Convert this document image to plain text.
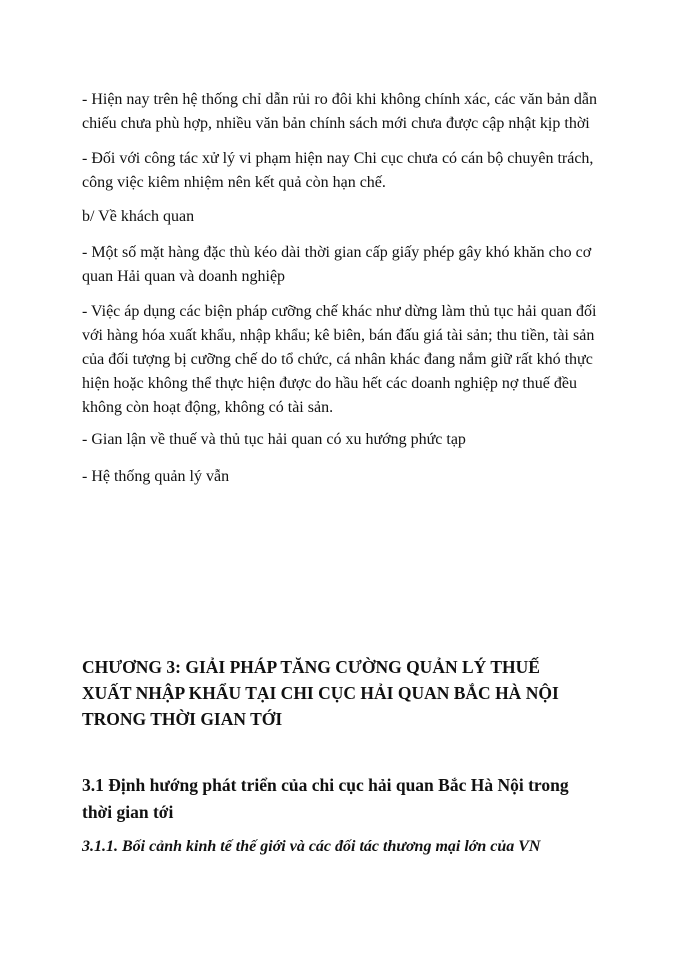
- Hiện nay trên hệ thống chỉ dẫn rủi ro đôi khi không chính xác, các văn bản dẫn
chiếu chưa phù hợp, nhiều văn bản chính sách mới chưa được cập nhật kịp thời

- Đối với công tác xử lý vi phạm hiện nay Chi cục chưa có cán bộ chuyên trách,
công việc kiêm nhiệm nên kết quả còn hạn chế.

b/ Về khách quan

- Một số mặt hàng đặc thù kéo dài thời gian cấp giấy phép gây khó khăn cho cơ
quan Hải quan và doanh nghiệp

- Việc áp dụng các biện pháp cưỡng chế khác như dừng làm thủ tục hải quan đối
với hàng hóa xuất khẩu, nhập khẩu; kê biên, bán đấu giá tài sản; thu tiền, tài sản
của đối tượng bị cưỡng chế do tổ chức, cá nhân khác đang nắm giữ rất khó thực
hiện hoặc không thể thực hiện được do hầu hết các doanh nghiệp nợ thuế đều
không còn hoạt động, không có tài sản.

- Gian lận về thuế và thủ tục hải quan có xu hướng phức tạp

- Hệ thống quản lý vẫn

CHƯƠNG 3: GIẢI PHÁP TĂNG CƯỜNG QUẢN LÝ THUẾ
XUẤT NHẬP KHẨU TẠI CHI CỤC HẢI QUAN BẮC HÀ NỘI
TRONG THỜI GIAN TỚI
3.1 Định hướng phát triển của chi cục hải quan Bắc Hà Nội trong
thời gian tới
3.1.1. Bối cảnh kinh tế thế giới và các đối tác thương mại lớn của VN
